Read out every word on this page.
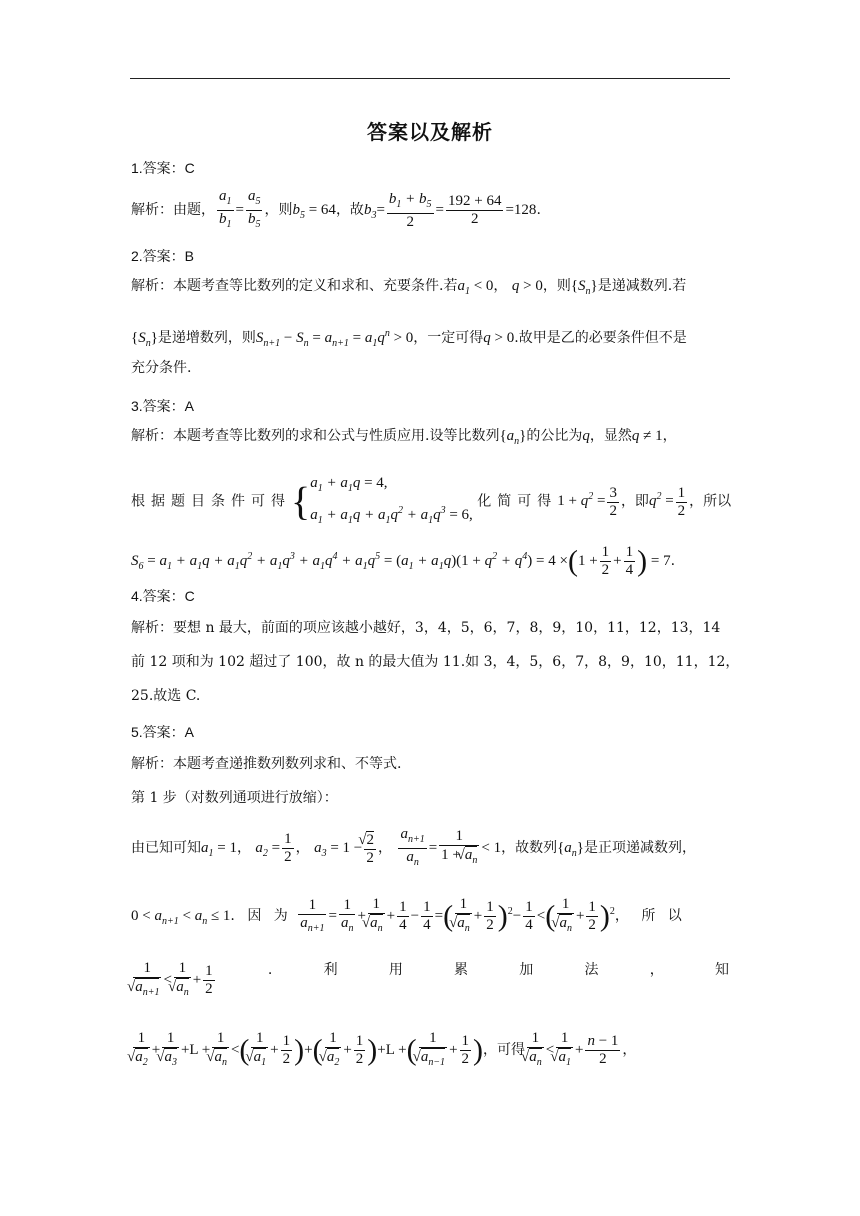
答案以及解析
1.答案：C
解析：由题， $\frac{a_1}{b_1} = \frac{a_5}{b_5}$ ，则$b_5 = 64$，故$b_3= \frac{b_1 + b_5}{2} = \frac{192 + 64}{2} =128$.
2.答案：B
解析：本题考查等比数列的定义和求和、充要条件.若$a_1 < 0$， q > 0，则$\{S_n\}$是递减数列.若
$\{S_n\}$是递增数列，则$S_{n+1} - S_n = a_{n+1} = a_1q^n > 0$，一定可得q > 0.故甲是乙的必要条件但不是
充分条件.
3.答案：A
解析：本题考查等比数列的求和公式与性质应用.设等比数列$\{a_n\}$的公比为q，显然q ≠ 1，
根据题目条件可得{ $a_1 + a_1q = 4$,
$a_1 + a_1q + a_1q^2 + a_1q^3 = 6$,
化简可得$1 + q^2 = \frac{3}{2}$ ，即$q^2 = \frac{1}{2}$ ，所以
$S_6 = a_1 + a_1q + a_1q^2 + a_1q^3 + a_1q^4 + a_1q^5 = (a_1 + a_1q)(1 + q^2 + q^4) = 4 \times(1 + \frac{1}{2} + \frac{1}{4}$ ) = 7.
4.答案：C
解析：要想 n 最大，前面的项应该越小越好，3，4，5，6，7，8，9，10，11，12，13，14
前 12 项和为 102 超过了 100，故 n 的最大值为 11.如 3，4，5，6，7，8，9，10，11，12，
25.故选 C.
5.答案：A
解析：本题考查递推数列数列求和、不等式.
第 1 步（对数列通项进行放缩）：
由已知可知$a_1 = 1$， $a_2 = \frac{1}{2}$ ， $a_3 = 1$ − √ $\frac{2}{2}$ ， $\frac{a_{n+1}}{a_n} = \frac{1}{1 + √ a_n} < 1$，故数列$\{a_n\}$是正项递减数列，
$0 < a_{n+1} < a_n \le 1$. 因 为 $\frac{1}{a_{n+1}} = \frac{1}{a_n} + 1$
√ $a_n + \frac{1}{4} - \frac{1}{4}$ =( 1
√ $a_n + \frac{1}{2} )^2- \frac{1}{4}$ <( 1
√ $a_n + \frac{1}{2} )^2$， 所 以
1
√ $a_{n+1} < 1$
√ $a_n + \frac{1}{2}$	.	利	用	累	加	法	，	知
1
√ $a_2 + 1$
√ $a_3 +L + 1$
√ $a_n$ <( 1
√ $a_1 + \frac{1}{2}$ )+( 1
√ $a_2 + \frac{1}{2} )+L$ +( 1
√ $a_{n-1} + \frac{1}{2}$ )，可得 1
√ $a_n < 1$
√ $a_1 + \frac{n - 1}{2}$ ，
